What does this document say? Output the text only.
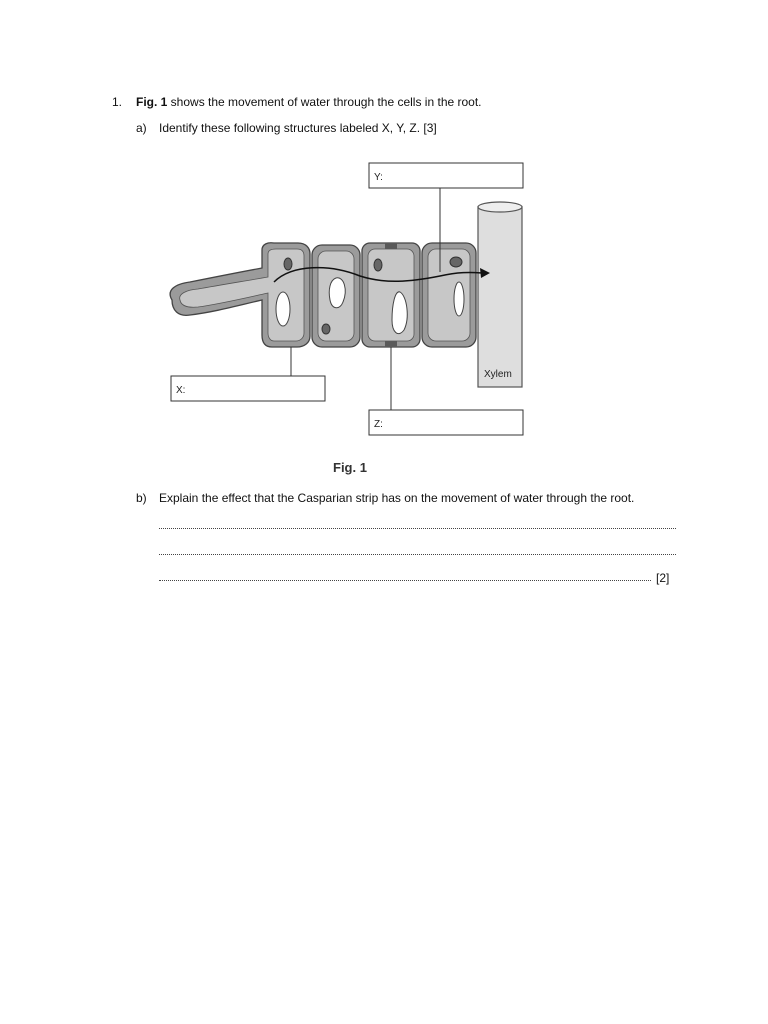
1. Fig. 1 shows the movement of water through the cells in the root.
a) Identify these following structures labeled X, Y, Z. [3]
Y:
Xylem
X:
Z:
Fig. 1
b) Explain the effect that the Casparian strip has on the movement of water through the root.
[2]
